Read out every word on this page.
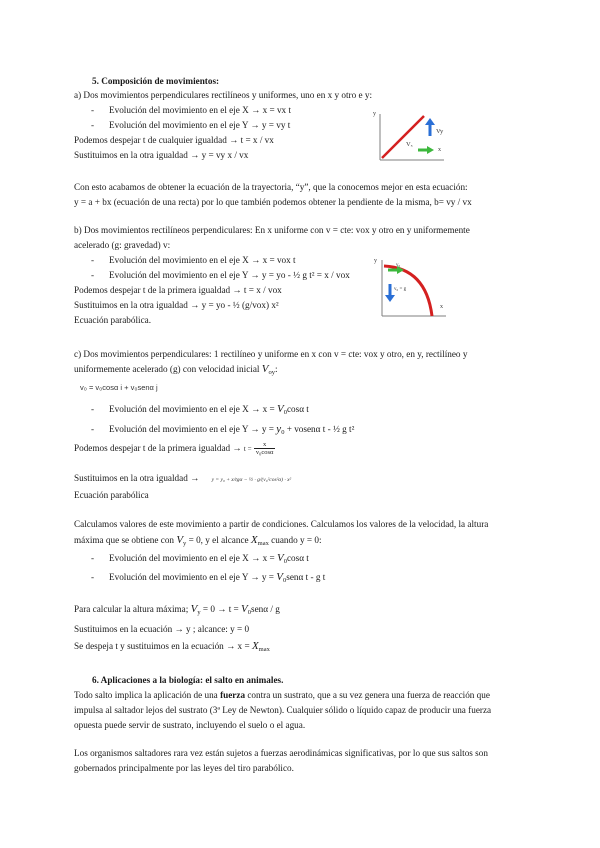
5. Composición de movimientos:
a) Dos movimientos perpendiculares rectilíneos y uniformes, uno en x y otro e y:
- Evolución del movimiento en el eje X → x = vx t
- Evolución del movimiento en el eje Y → y = vy t
Podemos despejar t de cualquier igualdad → t = x / vx
Sustituimos en la otra igualdad → y = vy x / vx
y
x
Vₓ
Vy
Con esto acabamos de obtener la ecuación de la trayectoria, “y”, que la conocemos mejor en esta ecuación:
y = a + bx (ecuación de una recta) por lo que también podemos obtener la pendiente de la misma, b= vy / vx
b) Dos movimientos rectilíneos perpendiculares: En x uniforme con v = cte: vox y otro en y uniformemente
acelerado (g: gravedad) v:
- Evolución del movimiento en el eje X → x = vox t
- Evolución del movimiento en el eje Y → y = yo - ½ g t² = x / vox
Podemos despejar t de la primera igualdad → t = x / vox
Sustituimos en la otra igualdad → y = yo - ½ (g/vox) x²
Ecuación parabólica.
y
x
v₀
v₀ = g
c) Dos movimientos perpendiculares: 1 rectilíneo y uniforme en x con v = cte: vox y otro, en y, rectilíneo y
uniformemente acelerado (g) con velocidad inicial $V_{oy}$:
v₀ = v₀cosα i + v₀senα j
- Evolución del movimiento en el eje $X \to x = V_0\cos\alpha$ t
- Evolución del movimiento en el eje $Y \to y = y_0$ + vosenα t - ½ g t²
Podemos despejar t de la primera igualdad → $t = \frac{x}{\text{v₀cosα}}$
Sustituimos en la otra igualdad → y = y₀ + x/tgα − ½ · g/(v₀²cos²α) · x²
Ecuación parabólica
Calculamos valores de este movimiento a partir de condiciones. Calculamos los valores de la velocidad, la altura
máxima que se obtiene con $V_y = 0$, y el alcance $X_{max}$ cuando y = 0:
- Evolución del movimiento en el eje $X \to x = V_0\cos\alpha$ t
- Evolución del movimiento en el eje $Y \to y = V_0sen\alpha$ t - g t
Para calcular la altura máxima; $V_y = 0 \to t = V_0sen\alpha / g$
Sustituimos en la ecuación → y ; alcance: y = 0
Se despeja t y sustituimos en la ecuación → $x = X_{max}$
6. Aplicaciones a la biología: el salto en animales.
Todo salto implica la aplicación de una fuerza contra un sustrato, que a su vez genera una fuerza de reacción que
impulsa al saltador lejos del sustrato (3ª Ley de Newton). Cualquier sólido o líquido capaz de producir una fuerza
opuesta puede servir de sustrato, incluyendo el suelo o el agua.
Los organismos saltadores rara vez están sujetos a fuerzas aerodinámicas significativas, por lo que sus saltos son
gobernados principalmente por las leyes del tiro parabólico.
